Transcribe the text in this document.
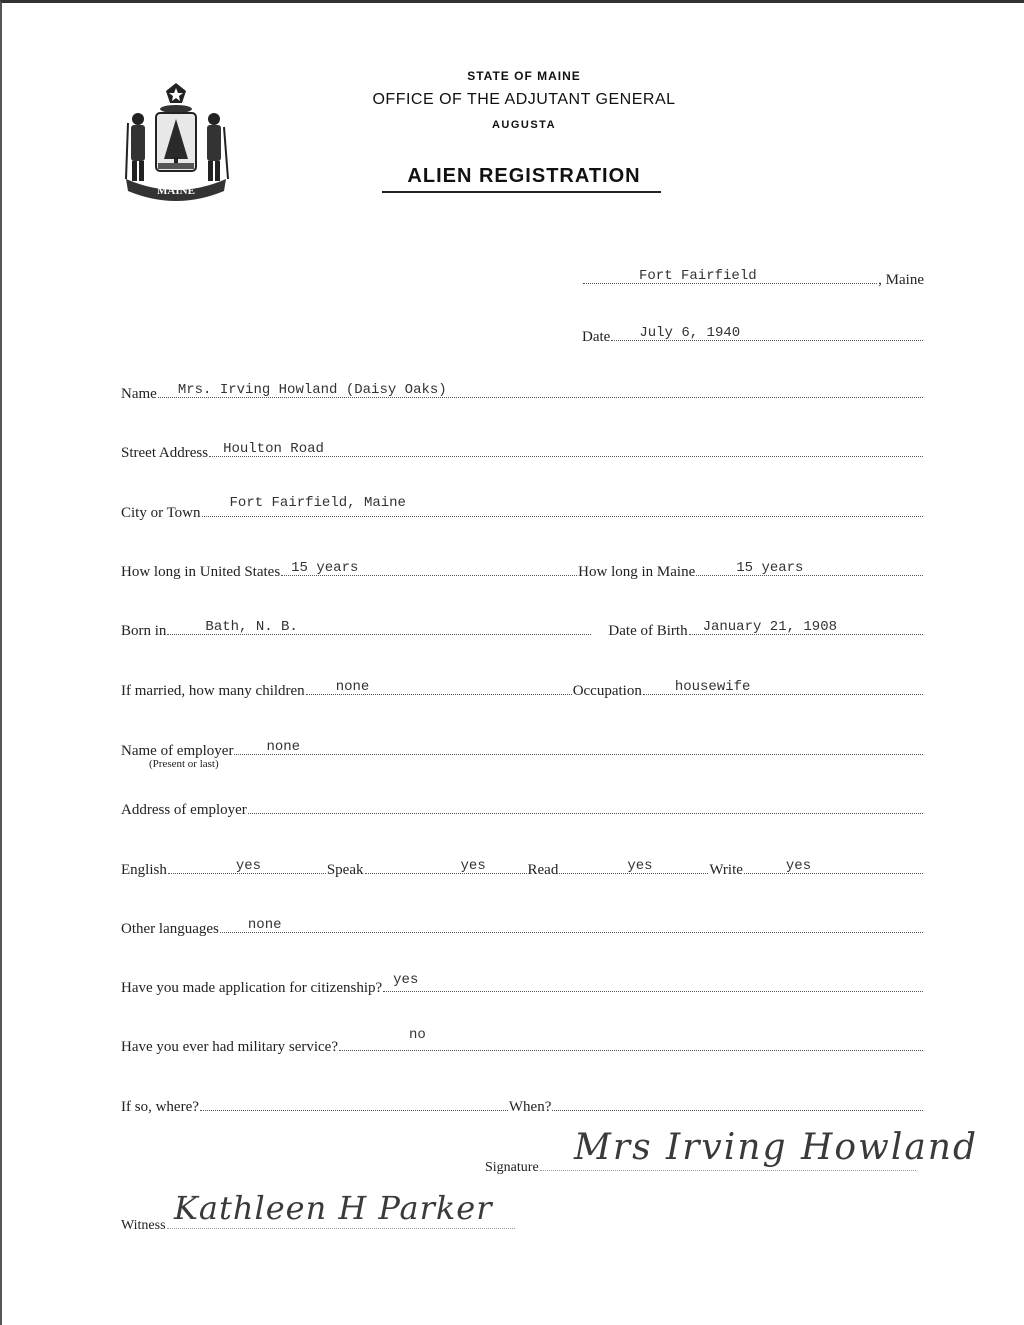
MAINE
STATE OF MAINE
OFFICE OF THE ADJUTANT GENERAL
AUGUSTA
ALIEN REGISTRATION
Fort Fairfield	, Maine
Date July 6, 1940
Name Mrs. Irving Howland (Daisy Oaks)
Street Address Houlton Road
City or Town
Fort Fairfield, Maine
How long in United States 15 years	How long in Maine	15 years
Born in	Bath, N. B.	Date of Birth January 21, 1908
If married, how many children none	Occupation housewife
Name of employer none
(Present or last)
Address of employer
English	yes	Speak	yes	Read	yes	Write	yes
Other languages none
Have you made application for citizenship? yes
Have you ever had military service?
no
If so, where?	When?
Signature Mrs Irving Howland
Witness Kathleen H Parker
